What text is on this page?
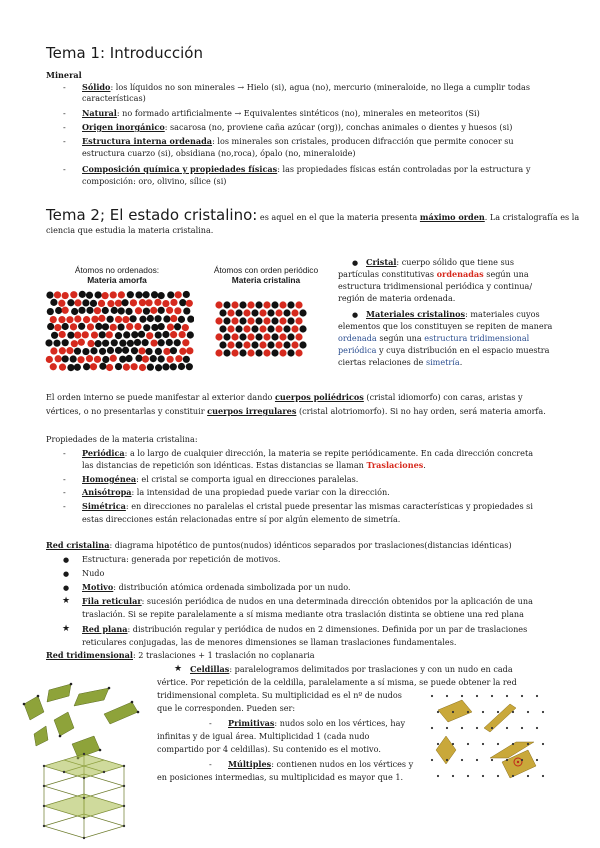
Tema 1: Introducción
Mineral
- Sólido: los líquidos no son minerales → Hielo (si), agua (no), mercurio (mineraloide, no llega a cumplir todas
características)
- Natural: no formado artificialmente → Equivalentes sintéticos (no), minerales en meteoritos (Si)
- Origen inorgánico: sacarosa (no, proviene caña azúcar (org)), conchas animales o dientes y huesos (si)
- Estructura interna ordenada: los minerales son cristales, producen difracción que permite conocer su
estructura cuarzo (si), obsidiana (no,roca), ópalo (no, mineraloide)
- Composición química y propiedades físicas: las propiedades físicas están controladas por la estructura y
composición: oro, olivino, sílice (si)
Tema 2; El estado cristalino: es aquel en el que la materia presenta máximo orden. La cristalografía es la
ciencia que estudia la materia cristalina.
Átomos no ordenados:
Materia amorfa
Átomos con orden periódico
Materia cristalina
● Cristal: cuerpo sólido que tiene sus
partículas constitutivas ordenadas según una
estructura tridimensional periódica y continua/
región de materia ordenada.
● Materiales cristalinos: materiales cuyos
elementos que los constituyen se repiten de manera
ordenada según una estructura tridimensional
periódica y cuya distribución en el espacio muestra
ciertas relaciones de simetría.
El orden interno se puede manifestar al exterior dando cuerpos poliédricos (cristal idiomorfo) con caras, aristas y
vértices, o no presentarlas y constituir cuerpos irregulares (cristal alotriomorfo). Si no hay orden, será materia amorfa.
Propiedades de la materia cristalina:
- Periódica: a lo largo de cualquier dirección, la materia se repite periódicamente. En cada dirección concreta
las distancias de repetición son idénticas. Estas distancias se llaman Traslaciones.
- Homogénea: el cristal se comporta igual en direcciones paralelas.
- Anisótropa: la intensidad de una propiedad puede variar con la dirección.
- Simétrica: en direcciones no paralelas el cristal puede presentar las mismas características y propiedades si
estas direcciones están relacionadas entre sí por algún elemento de simetría.
Red cristalina: diagrama hipotético de puntos(nudos) idénticos separados por traslaciones(distancias idénticas)
● Estructura: generada por repetición de motivos.
● Nudo
● Motivo: distribución atómica ordenada simbolizada por un nudo.
★ Fila reticular: sucesión periódica de nudos en una determinada dirección obtenidos por la aplicación de una
traslación. Si se repite paralelamente a sí misma mediante otra traslación distinta se obtiene una red plana
★ Red plana: distribución regular y periódica de nudos en 2 dimensiones. Definida por un par de traslaciones
reticulares conjugadas, las de menores dimensiones se llaman traslaciones fundamentales.
Red tridimensional: 2 traslaciones + 1 traslación no coplanaria
★ Celdillas: paralelogramos delimitados por traslaciones y con un nudo en cada
vértice. Por repetición de la celdilla, paralelamente a sí misma, se puede obtener la red
tridimensional completa. Su multiplicidad es el nº de nudos
que le corresponden. Pueden ser:
- Primitivas: nudos solo en los vértices, hay
infinitas y de igual área. Multiplicidad 1 (cada nudo
compartido por 4 celdillas). Su contenido es el motivo.
- Múltiples: contienen nudos en los vértices y
en posiciones intermedias, su multiplicidad es mayor que 1.
